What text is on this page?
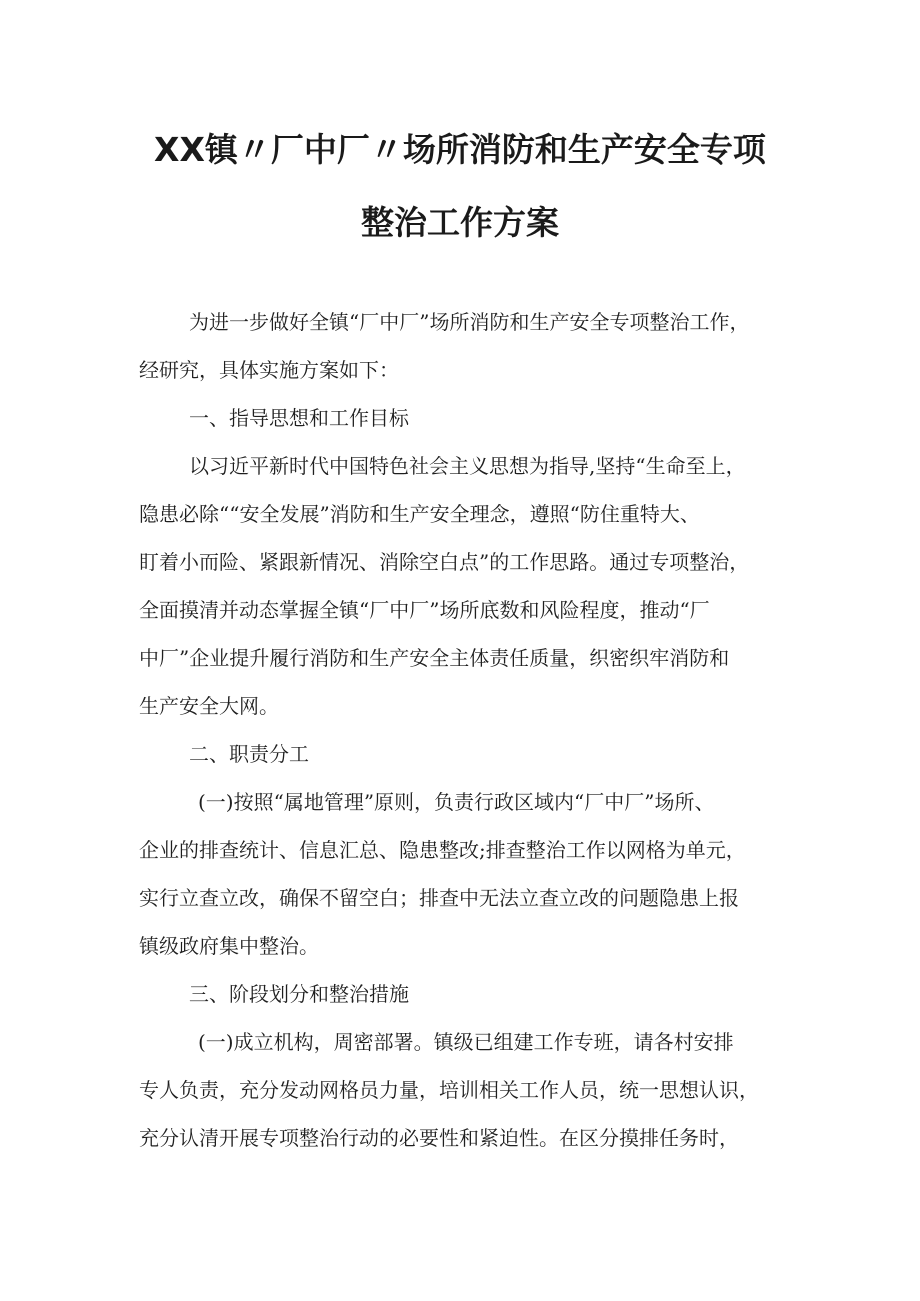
XX镇〃厂中厂〃场所消防和生产安全专项
整治工作方案
为进一步做好全镇“厂中厂”场所消防和生产安全专项整治工作，
经研究，具体实施方案如下：
一、指导思想和工作目标
以习近平新时代中国特色社会主义思想为指导,坚持“生命至上，
隐患必除““安全发展”消防和生产安全理念，遵照“防住重特大、
盯着小而险、紧跟新情况、消除空白点”的工作思路。通过专项整治，
全面摸清并动态掌握全镇“厂中厂”场所底数和风险程度，推动“厂
中厂”企业提升履行消防和生产安全主体责任质量，织密织牢消防和
生产安全大网。
二、职责分工
(一)按照“属地管理”原则，负责行政区域内“厂中厂”场所、
企业的排查统计、信息汇总、隐患整改;排查整治工作以网格为单元，
实行立查立改，确保不留空白；排查中无法立查立改的问题隐患上报
镇级政府集中整治。
三、阶段划分和整治措施
(一)成立机构，周密部署。镇级已组建工作专班，请各村安排
专人负责，充分发动网格员力量，培训相关工作人员，统一思想认识，
充分认清开展专项整治行动的必要性和紧迫性。在区分摸排任务时，
